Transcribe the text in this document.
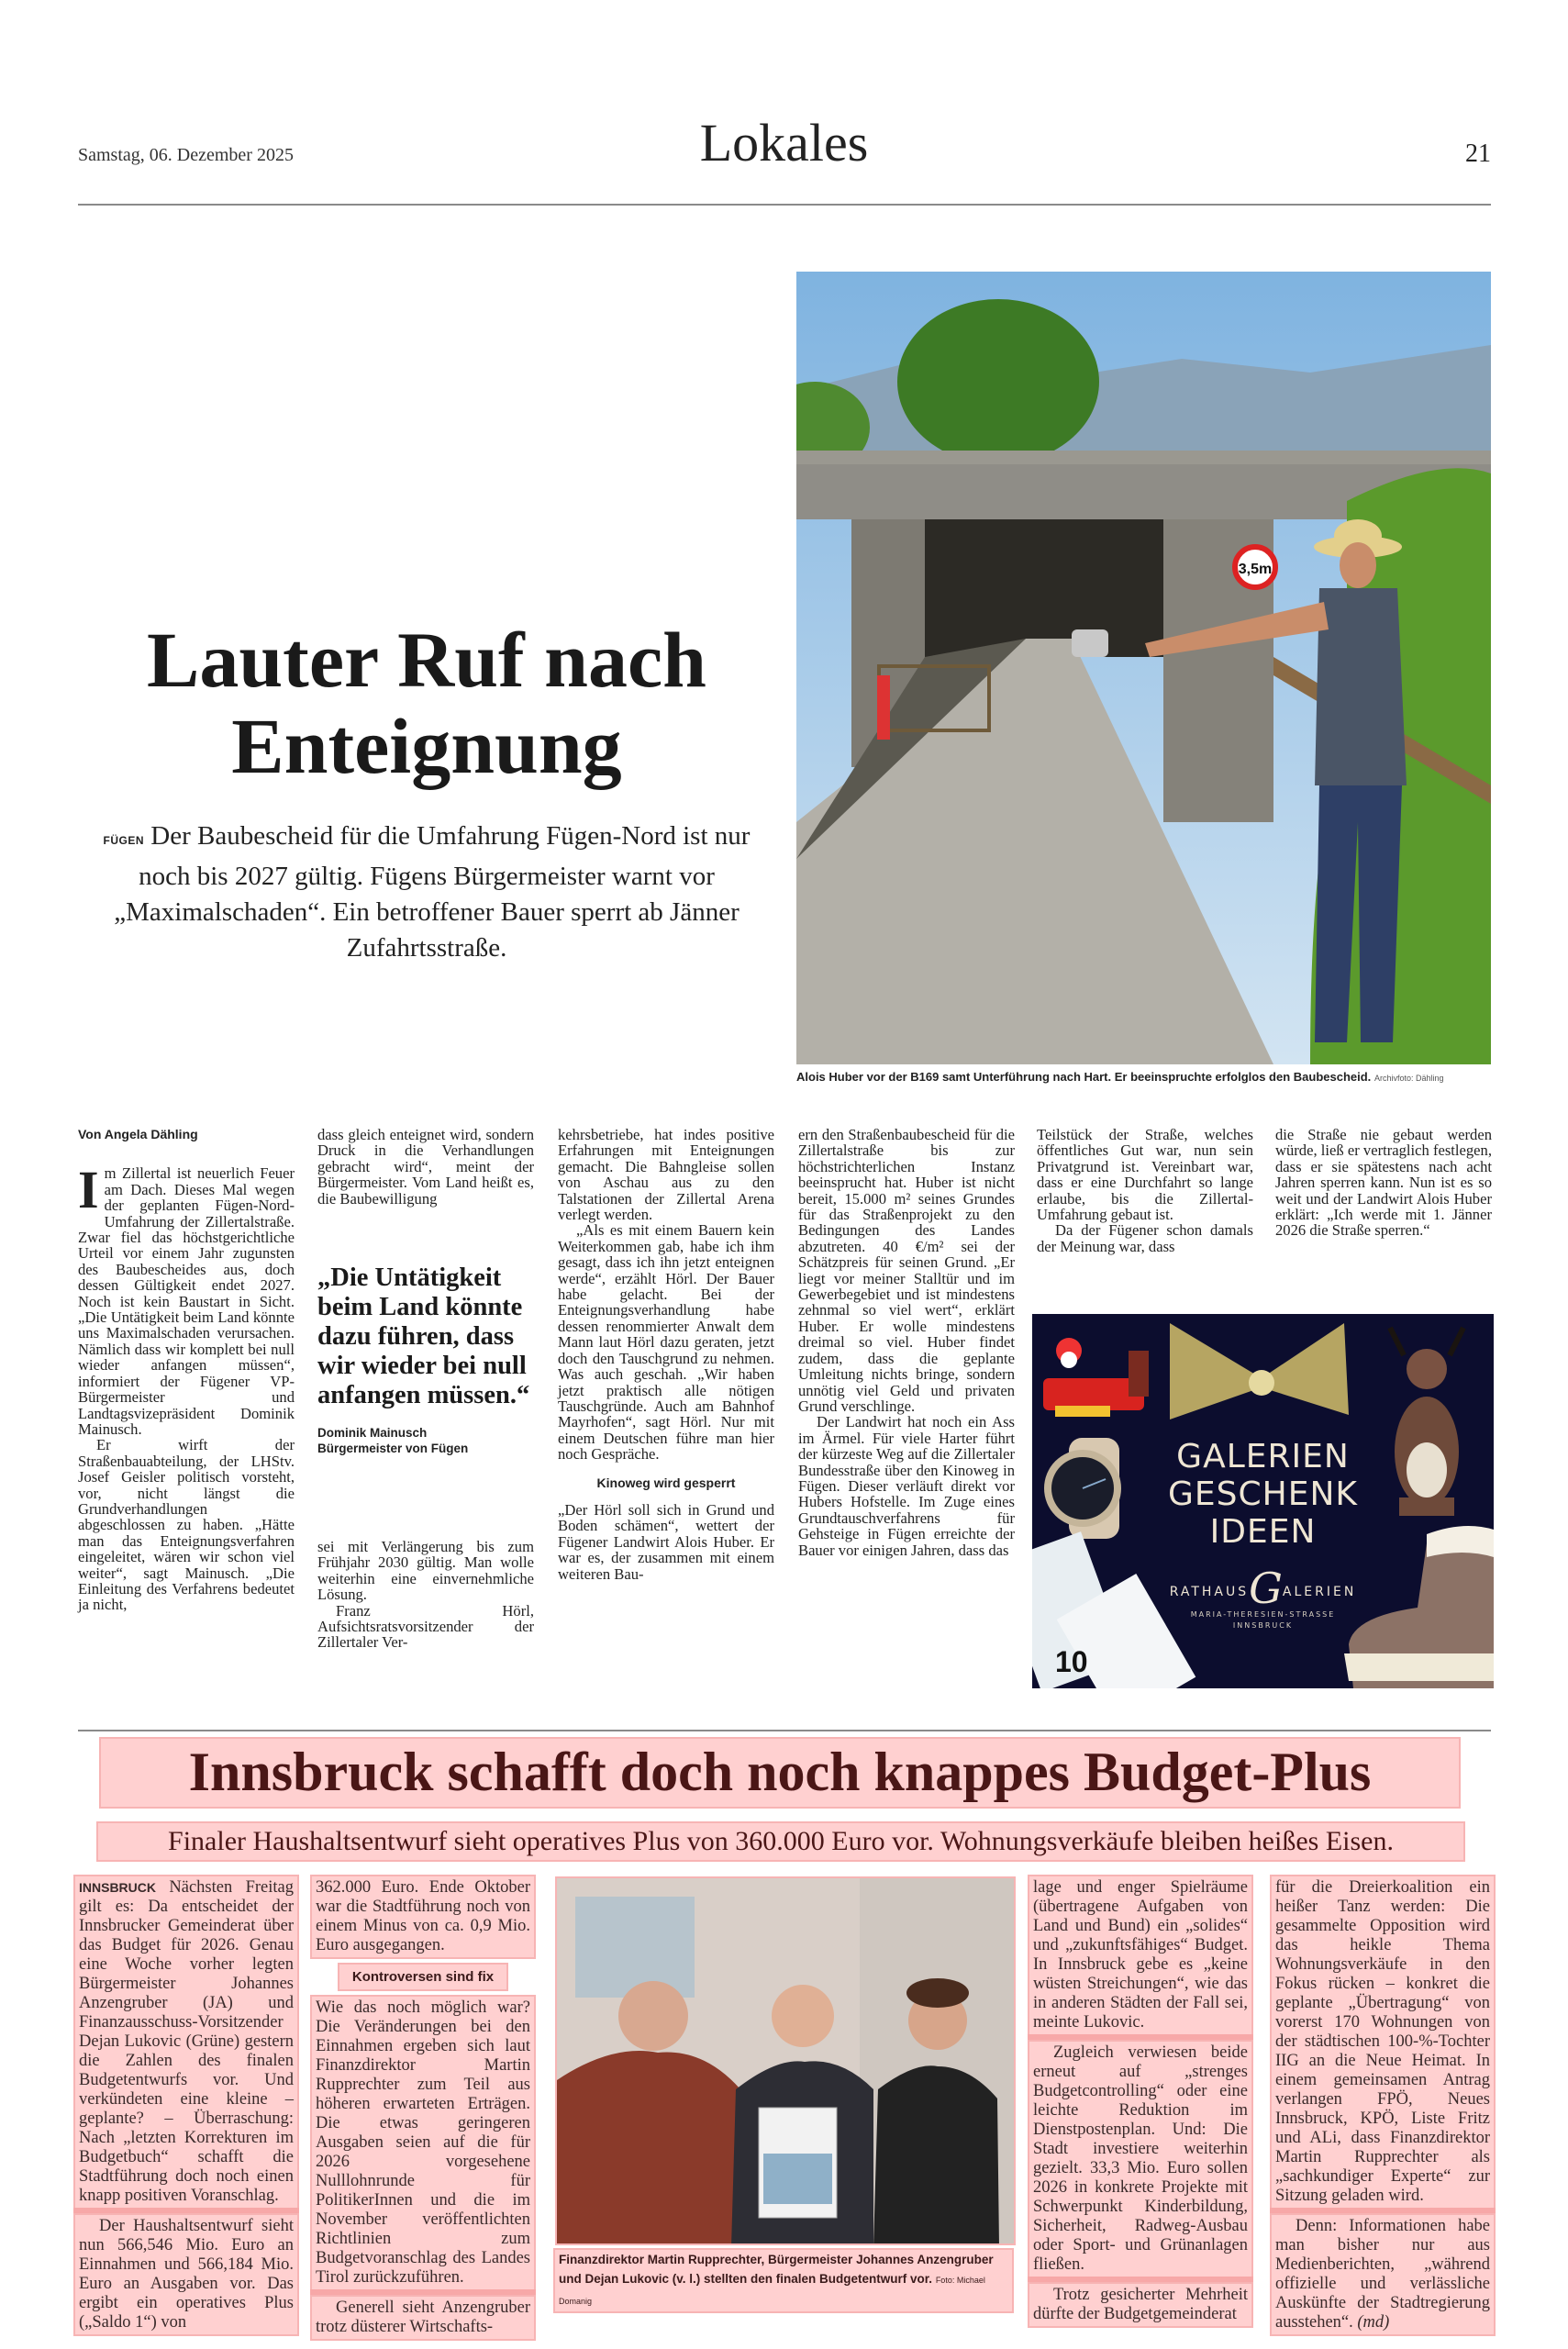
Samstag, 06. Dezember 2025	Lokales	21
Lauter Ruf nach Enteignung
FÜGEN Der Baubescheid für die Umfahrung Fügen-Nord ist nur noch bis 2027 gültig. Fügens Bürgermeister warnt vor „Maximalschaden“. Ein betroffener Bauer sperrt ab Jänner Zufahrtsstraße.
3,5m
Alois Huber vor der B169 samt Unterführung nach Hart. Er beeinspruchte erfolglos den Baubescheid. Archivfoto: Dähling
Von Angela Dähling

Im Zillertal ist neuerlich Feuer am Dach. Dieses Mal wegen der geplanten Fügen-Nord-Umfahrung der Zillertalstraße. Zwar fiel das höchstgerichtliche Urteil vor einem Jahr zugunsten des Baubescheides aus, doch dessen Gültigkeit endet 2027. Noch ist kein Baustart in Sicht. „Die Untätigkeit beim Land könnte uns Maximalschaden verursachen. Nämlich dass wir komplett bei null wieder anfangen müssen“, informiert der Fügener VP-Bürgermeister und Landtagsvizepräsident Dominik Mainusch.

Er wirft der Straßenbauabteilung, der LHStv. Josef Geisler politisch vorsteht, vor, nicht längst die Grundverhandlungen abgeschlossen zu haben. „Hätte man das Enteignungsverfahren eingeleitet, wären wir schon viel weiter“, sagt Mainusch. „Die Einleitung des Verfahrens bedeutet ja nicht,

dass gleich enteignet wird, sondern Druck in die Verhandlungen gebracht wird“, meint der Bürgermeister. Vom Land heißt es, die Baubewilligung

„Die Untätigkeit beim Land könnte dazu führen, dass wir wieder bei null anfangen müssen.“
Dominik Mainusch
Bürgermeister von Fügen

sei mit Verlängerung bis zum Frühjahr 2030 gültig. Man wolle weiterhin eine einvernehmliche Lösung.

Franz Hörl, Aufsichtsratsvorsitzender der Zillertaler Ver-

kehrsbetriebe, hat indes positive Erfahrungen mit Enteignungen gemacht. Die Bahngleise sollen von Aschau aus zu den Talstationen der Zillertal Arena verlegt werden.

„Als es mit einem Bauern kein Weiterkommen gab, habe ich ihm gesagt, dass ich ihn jetzt enteignen werde“, erzählt Hörl. Der Bauer habe gelacht. Bei der Enteignungsverhandlung habe dessen renommierter Anwalt dem Mann laut Hörl dazu geraten, jetzt doch den Tauschgrund zu nehmen. Was auch geschah. „Wir haben jetzt praktisch alle nötigen Tauschgründe. Auch am Bahnhof Mayrhofen“, sagt Hörl. Nur mit einem Deutschen führe man hier noch Gespräche.

Kinoweg wird gesperrt

„Der Hörl soll sich in Grund und Boden schämen“, wettert der Fügener Landwirt Alois Huber. Er war es, der zusammen mit einem weiteren Bau-

ern den Straßenbaubescheid für die Zillertalstraße bis zur höchstrichterlichen Instanz beeinsprucht hat. Huber ist nicht bereit, 15.000 m² seines Grundes für das Straßenprojekt zu den Bedingungen des Landes abzutreten. 40 €/m² sei der Schätzpreis für seinen Grund. „Er liegt vor meiner Stalltür und im Gewerbegebiet und ist mindestens zehnmal so viel wert“, erklärt Huber. Er wolle mindestens dreimal so viel. Huber findet zudem, dass die geplante Umleitung nichts bringe, sondern unnötig viel Geld und privaten Grund verschlinge.

Der Landwirt hat noch ein Ass im Ärmel. Für viele Harter führt der kürzeste Weg auf die Zillertaler Bundesstraße über den Kinoweg in Fügen. Dieser verläuft direkt vor Hubers Hofstelle. Im Zuge eines Grundtauschverfahrens für Gehsteige in Fügen erreichte der Bauer vor einigen Jahren, dass das

Teilstück der Straße, welches öffentliches Gut war, nun sein Privatgrund ist. Vereinbart war, dass er eine Durchfahrt so lange erlaube, bis die Zillertal-Umfahrung gebaut ist.

Da der Fügener schon damals der Meinung war, dass

die Straße nie gebaut werden würde, ließ er vertraglich festlegen, dass er sie spätestens nach acht Jahren sperren kann. Nun ist es so weit und der Landwirt Alois Huber erklärt: „Ich werde mit 1. Jänner 2026 die Straße sperren.“

10
GALERIEN
GESCHENK
IDEEN
RATHAUSGALERIEN
MARIA-THERESIEN-STRASSE
INNSBRUCK
Innsbruck schafft doch noch knappes Budget-Plus
Finaler Haushaltsentwurf sieht operatives Plus von 360.000 Euro vor. Wohnungsverkäufe bleiben heißes Eisen.
INNSBRUCK Nächsten Freitag gilt es: Da entscheidet der Innsbrucker Gemeinderat über das Budget für 2026. Genau eine Woche vorher legten Bürgermeister Johannes Anzengruber (JA) und Finanzausschuss-Vorsitzender Dejan Lukovic (Grüne) gestern die Zahlen des finalen Budgetentwurfs vor. Und verkündeten eine kleine – geplante? – Überraschung: Nach „letzten Korrekturen im Budgetbuch“ schafft die Stadtführung doch noch einen knapp positiven Voranschlag.
Der Haushaltsentwurf sieht nun 566,546 Mio. Euro an Einnahmen und 566,184 Mio. Euro an Ausgaben vor. Das ergibt ein operatives Plus („Saldo 1“) von
362.000 Euro. Ende Oktober war die Stadtführung noch von einem Minus von ca. 0,9 Mio. Euro ausgegangen.
Kontroversen sind fix
Wie das noch möglich war? Die Veränderungen bei den Einnahmen ergeben sich laut Finanzdirektor Martin Rupprechter zum Teil aus höheren erwarteten Erträgen. Die etwas geringeren Ausgaben seien auf die für 2026 vorgesehene Nulllohnrunde für PolitikerInnen und die im November veröffentlichten Richtlinien zum Budgetvoranschlag des Landes Tirol zurückzuführen.
Generell sieht Anzengruber trotz düsterer Wirtschafts-
Finanzdirektor Martin Rupprechter, Bürgermeister Johannes Anzengruber und Dejan Lukovic (v. l.) stellten den finalen Budgetentwurf vor. Foto: Michael Domanig
lage und enger Spielräume (übertragene Aufgaben von Land und Bund) ein „solides“ und „zukunftsfähiges“ Budget. In Innsbruck gebe es „keine wüsten Streichungen“, wie das in anderen Städten der Fall sei, meinte Lukovic.
Zugleich verwiesen beide erneut auf „strenges Budgetcontrolling“ oder eine leichte Reduktion im Dienstpostenplan. Und: Die Stadt investiere weiterhin gezielt. 33,3 Mio. Euro sollen 2026 in konkrete Projekte mit Schwerpunkt Kinderbildung, Sicherheit, Radweg-Ausbau oder Sport- und Grünanlagen fließen.
Trotz gesicherter Mehrheit dürfte der Budgetgemeinderat
für die Dreierkoalition ein heißer Tanz werden: Die gesammelte Opposition wird das heikle Thema Wohnungsverkäufe in den Fokus rücken – konkret die geplante „Übertragung“ von vorerst 170 Wohnungen von der städtischen 100-%-Tochter IIG an die Neue Heimat. In einem gemeinsamen Antrag verlangen FPÖ, Neues Innsbruck, KPÖ, Liste Fritz und ALi, dass Finanzdirektor Martin Rupprechter als „sachkundiger Experte“ zur Sitzung geladen wird.
Denn: Informationen habe man bisher nur aus Medienberichten, „während offizielle und verlässliche Auskünfte der Stadtregierung ausstehen“. (md)
